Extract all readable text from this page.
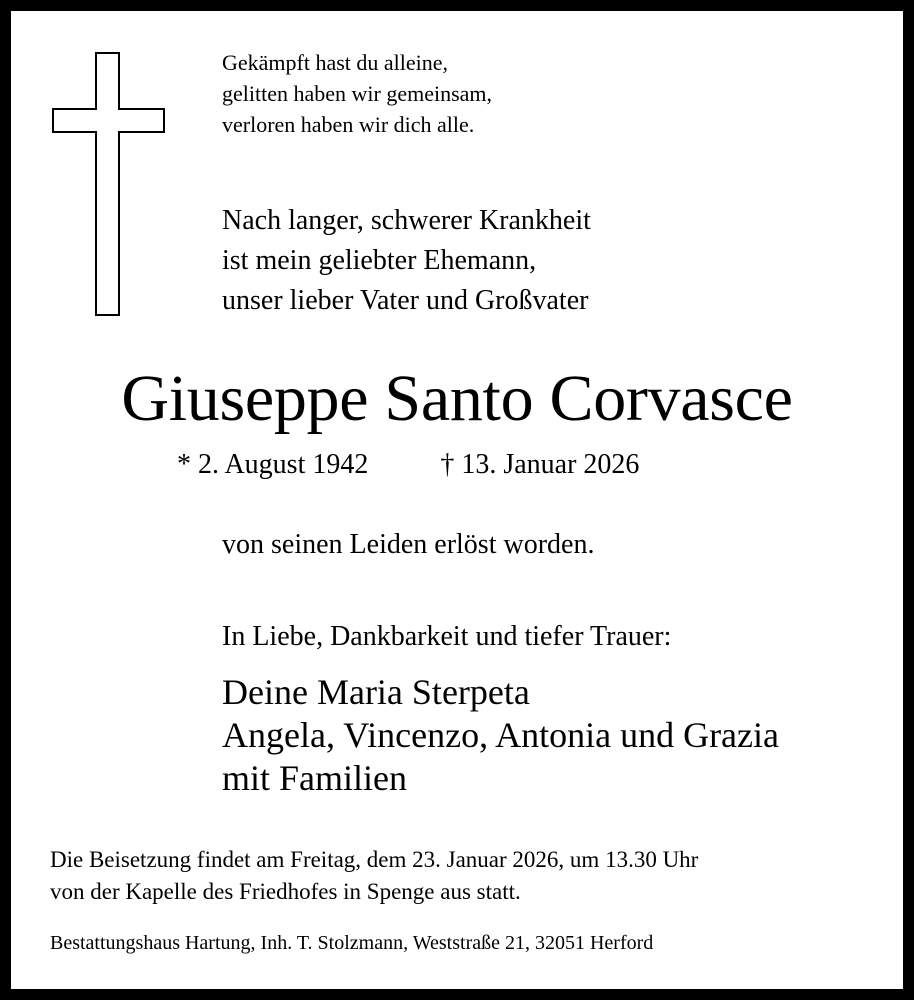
Gekämpft hast du alleine,
gelitten haben wir gemeinsam,
verloren haben wir dich alle.
Nach langer, schwerer Krankheit
ist mein geliebter Ehemann,
unser lieber Vater und Großvater
Giuseppe Santo Corvasce
* 2. August 1942	† 13. Januar 2026
von seinen Leiden erlöst worden.
In Liebe, Dankbarkeit und tiefer Trauer:
Deine Maria Sterpeta
Angela, Vincenzo, Antonia und Grazia
mit Familien
Die Beisetzung findet am Freitag, dem 23. Januar 2026, um 13.30 Uhr
von der Kapelle des Friedhofes in Spenge aus statt.
Bestattungshaus Hartung, Inh. T. Stolzmann, Weststraße 21, 32051 Herford
